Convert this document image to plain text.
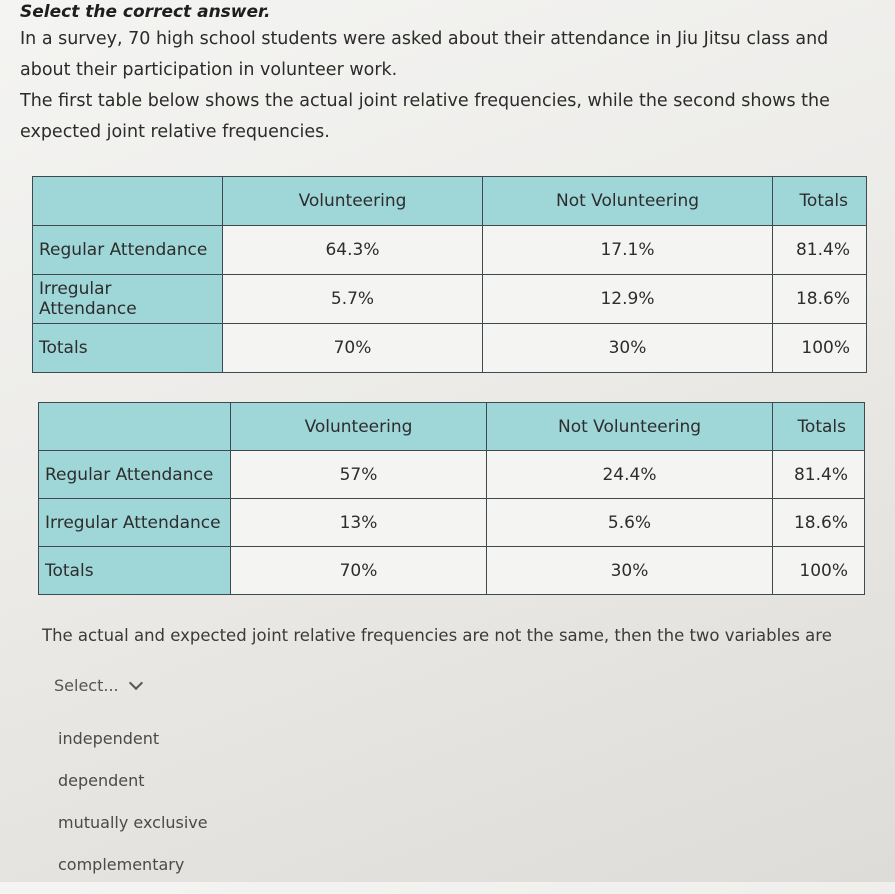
Select the correct answer.

In a survey, 70 high school students were asked about their attendance in Jiu Jitsu class and about their participation in volunteer work.

The first table below shows the actual joint relative frequencies, while the second shows the expected joint relative frequencies.

	Volunteering	Not Volunteering	Totals
Regular Attendance	64.3%	17.1%	81.4%
Irregular Attendance	5.7%	12.9%	18.6%
Totals	70%	30%	100%
	Volunteering	Not Volunteering	Totals
Regular Attendance	57%	24.4%	81.4%
Irregular Attendance	13%	5.6%	18.6%
Totals	70%	30%	100%
The actual and expected joint relative frequencies are not the same, then the two variables are
Select...
independent
dependent
mutually exclusive
complementary
